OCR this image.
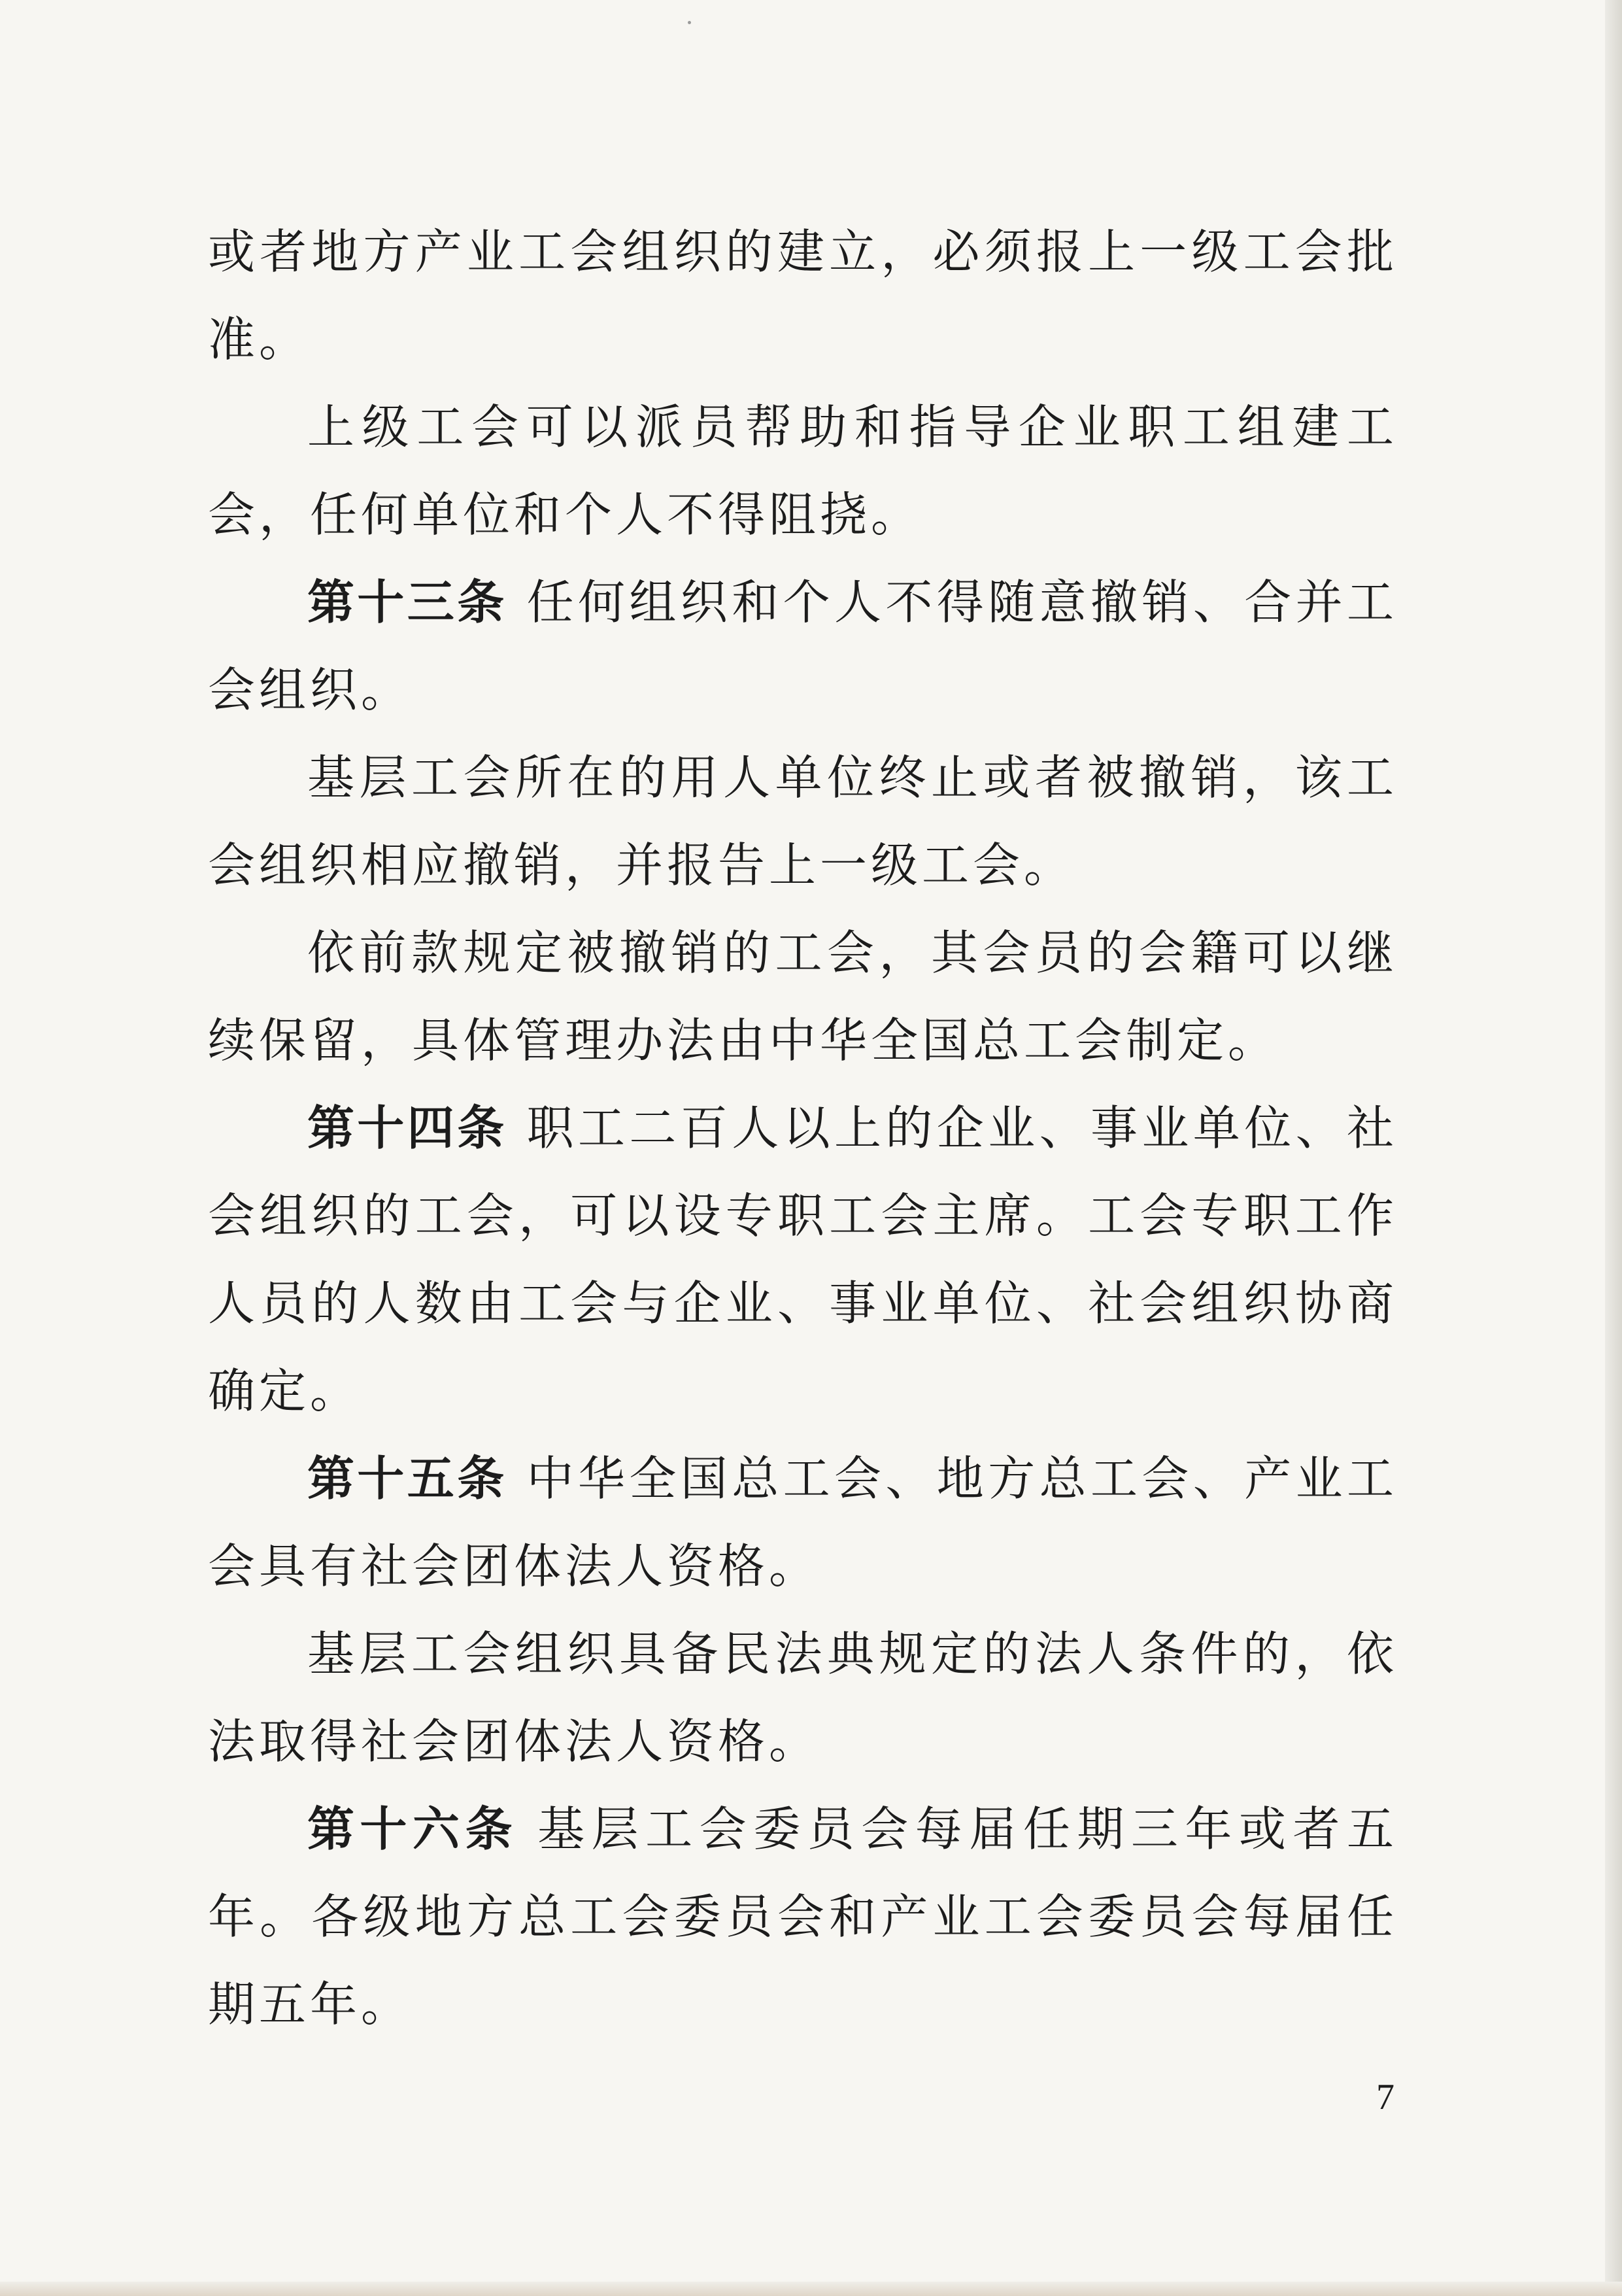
或者地方产业工会组织的建立，必须报上一级工会批准。

上级工会可以派员帮助和指导企业职工组建工会，任何单位和个人不得阻挠。

第十三条 任何组织和个人不得随意撤销、合并工会组织。

基层工会所在的用人单位终止或者被撤销，该工会组织相应撤销，并报告上一级工会。

依前款规定被撤销的工会，其会员的会籍可以继续保留，具体管理办法由中华全国总工会制定。

第十四条 职工二百人以上的企业、事业单位、社会组织的工会，可以设专职工会主席。工会专职工作人员的人数由工会与企业、事业单位、社会组织协商确定。

第十五条 中华全国总工会、地方总工会、产业工会具有社会团体法人资格。

基层工会组织具备民法典规定的法人条件的，依法取得社会团体法人资格。

第十六条 基层工会委员会每届任期三年或者五年。各级地方总工会委员会和产业工会委员会每届任期五年。

7
